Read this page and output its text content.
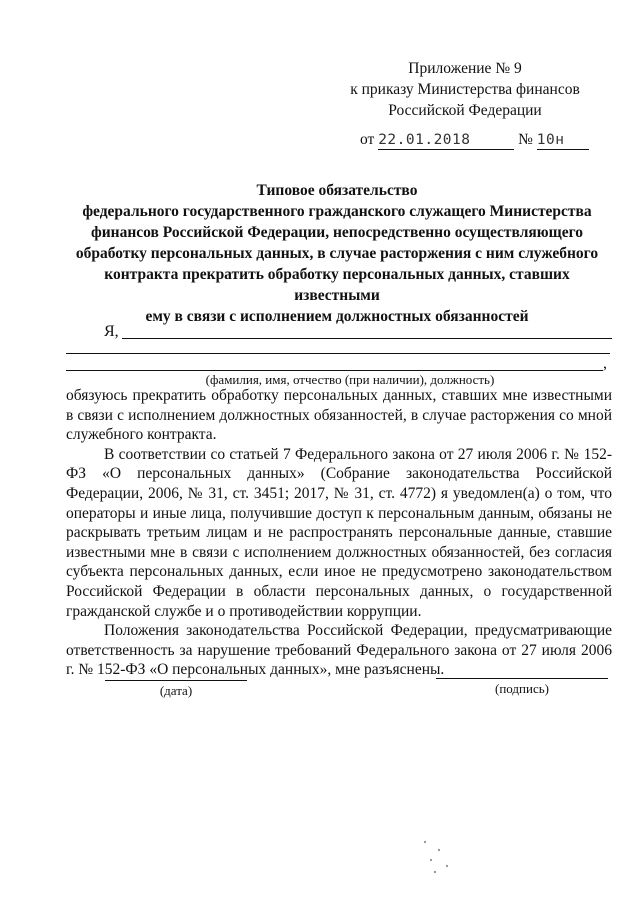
Приложение № 9
к приказу Министерства финансов
Российской Федерации
от 22.01.2018	№ 10н
Типовое обязательство
федерального государственного гражданского служащего Министерства
финансов Российской Федерации, непосредственно осуществляющего
обработку персональных данных, в случае расторжения с ним служебного
контракта прекратить обработку персональных данных, ставших известными
ему в связи с исполнением должностных обязанностей
Я,
,
(фамилия, имя, отчество (при наличии), должность)

обязуюсь прекратить обработку персональных данных, ставших мне известными в связи с исполнением должностных обязанностей, в случае расторжения со мной служебного контракта.

В соответствии со статьей 7 Федерального закона от 27 июля 2006 г. № 152-ФЗ «О персональных данных» (Собрание законодательства Российской Федерации, 2006, № 31, ст. 3451; 2017, № 31, ст. 4772) я уведомлен(а) о том, что операторы и иные лица, получившие доступ к персональным данным, обязаны не раскрывать третьим лицам и не распространять персональные данные, ставшие известными мне в связи с исполнением должностных обязанностей, без согласия субъекта персональных данных, если иное не предусмотрено законодательством Российской Федерации в области персональных данных, о государственной гражданской службе и о противодействии коррупции.

Положения законодательства Российской Федерации, предусматривающие ответственность за нарушение требований Федерального закона от 27 июля 2006 г. № 152-ФЗ «О персональных данных», мне разъяснены.

(дата)	(подпись)
